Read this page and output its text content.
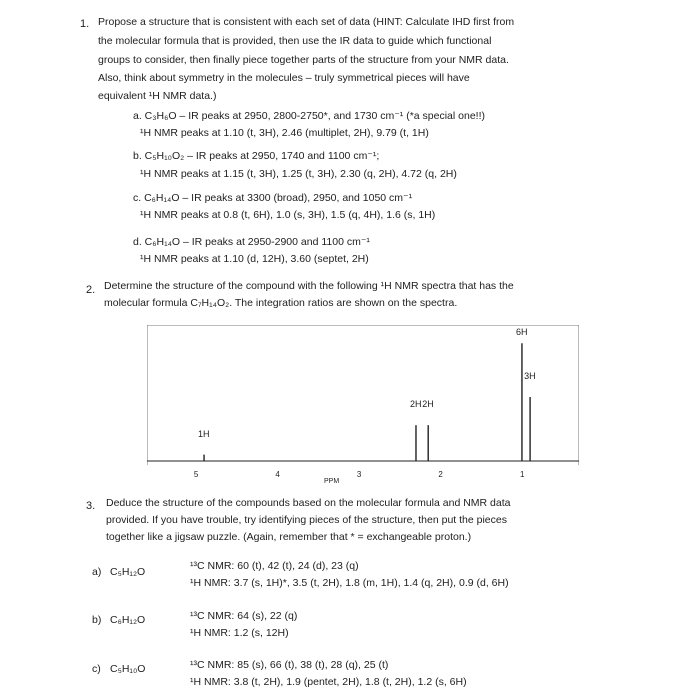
1. Propose a structure that is consistent with each set of data (HINT: Calculate IHD first from
the molecular formula that is provided, then use the IR data to guide which functional
groups to consider, then finally piece together parts of the structure from your NMR data.
Also, think about symmetry in the molecules – truly symmetrical pieces will have
equivalent ¹H NMR data.)
a. C₃H₆O – IR peaks at 2950, 2800-2750*, and 1730 cm⁻¹ (*a special one!!)
¹H NMR peaks at 1.10 (t, 3H), 2.46 (multiplet, 2H), 9.79 (t, 1H)
b. C₅H₁₀O₂ – IR peaks at 2950, 1740 and 1100 cm⁻¹;
¹H NMR peaks at 1.15 (t, 3H), 1.25 (t, 3H), 2.30 (q, 2H), 4.72 (q, 2H)
c. C₆H₁₄O – IR peaks at 3300 (broad), 2950, and 1050 cm⁻¹
¹H NMR peaks at 0.8 (t, 6H), 1.0 (s, 3H), 1.5 (q, 4H), 1.6 (s, 1H)
d. C₆H₁₄O – IR peaks at 2950-2900 and 1100 cm⁻¹
¹H NMR peaks at 1.10 (d, 12H), 3.60 (septet, 2H)
2. Determine the structure of the compound with the following ¹H NMR spectra that has the
molecular formula C₇H₁₄O₂. The integration ratios are shown on the spectra.
1H
2H 2H
6H
3H
5	4	3	2	1
PPM
3. Deduce the structure of the compounds based on the molecular formula and NMR data
provided. If you have trouble, try identifying pieces of the structure, then put the pieces
together like a jigsaw puzzle. (Again, remember that * = exchangeable proton.)
a) C₅H₁₂O	¹³C NMR: 60 (t), 42 (t), 24 (d), 23 (q)
¹H NMR: 3.7 (s, 1H)*, 3.5 (t, 2H), 1.8 (m, 1H), 1.4 (q, 2H), 0.9 (d, 6H)
b) C₆H₁₂O	¹³C NMR: 64 (s), 22 (q)
¹H NMR: 1.2 (s, 12H)
c) C₅H₁₀O	¹³C NMR: 85 (s), 66 (t), 38 (t), 28 (q), 25 (t)
¹H NMR: 3.8 (t, 2H), 1.9 (pentet, 2H), 1.8 (t, 2H), 1.2 (s, 6H)
